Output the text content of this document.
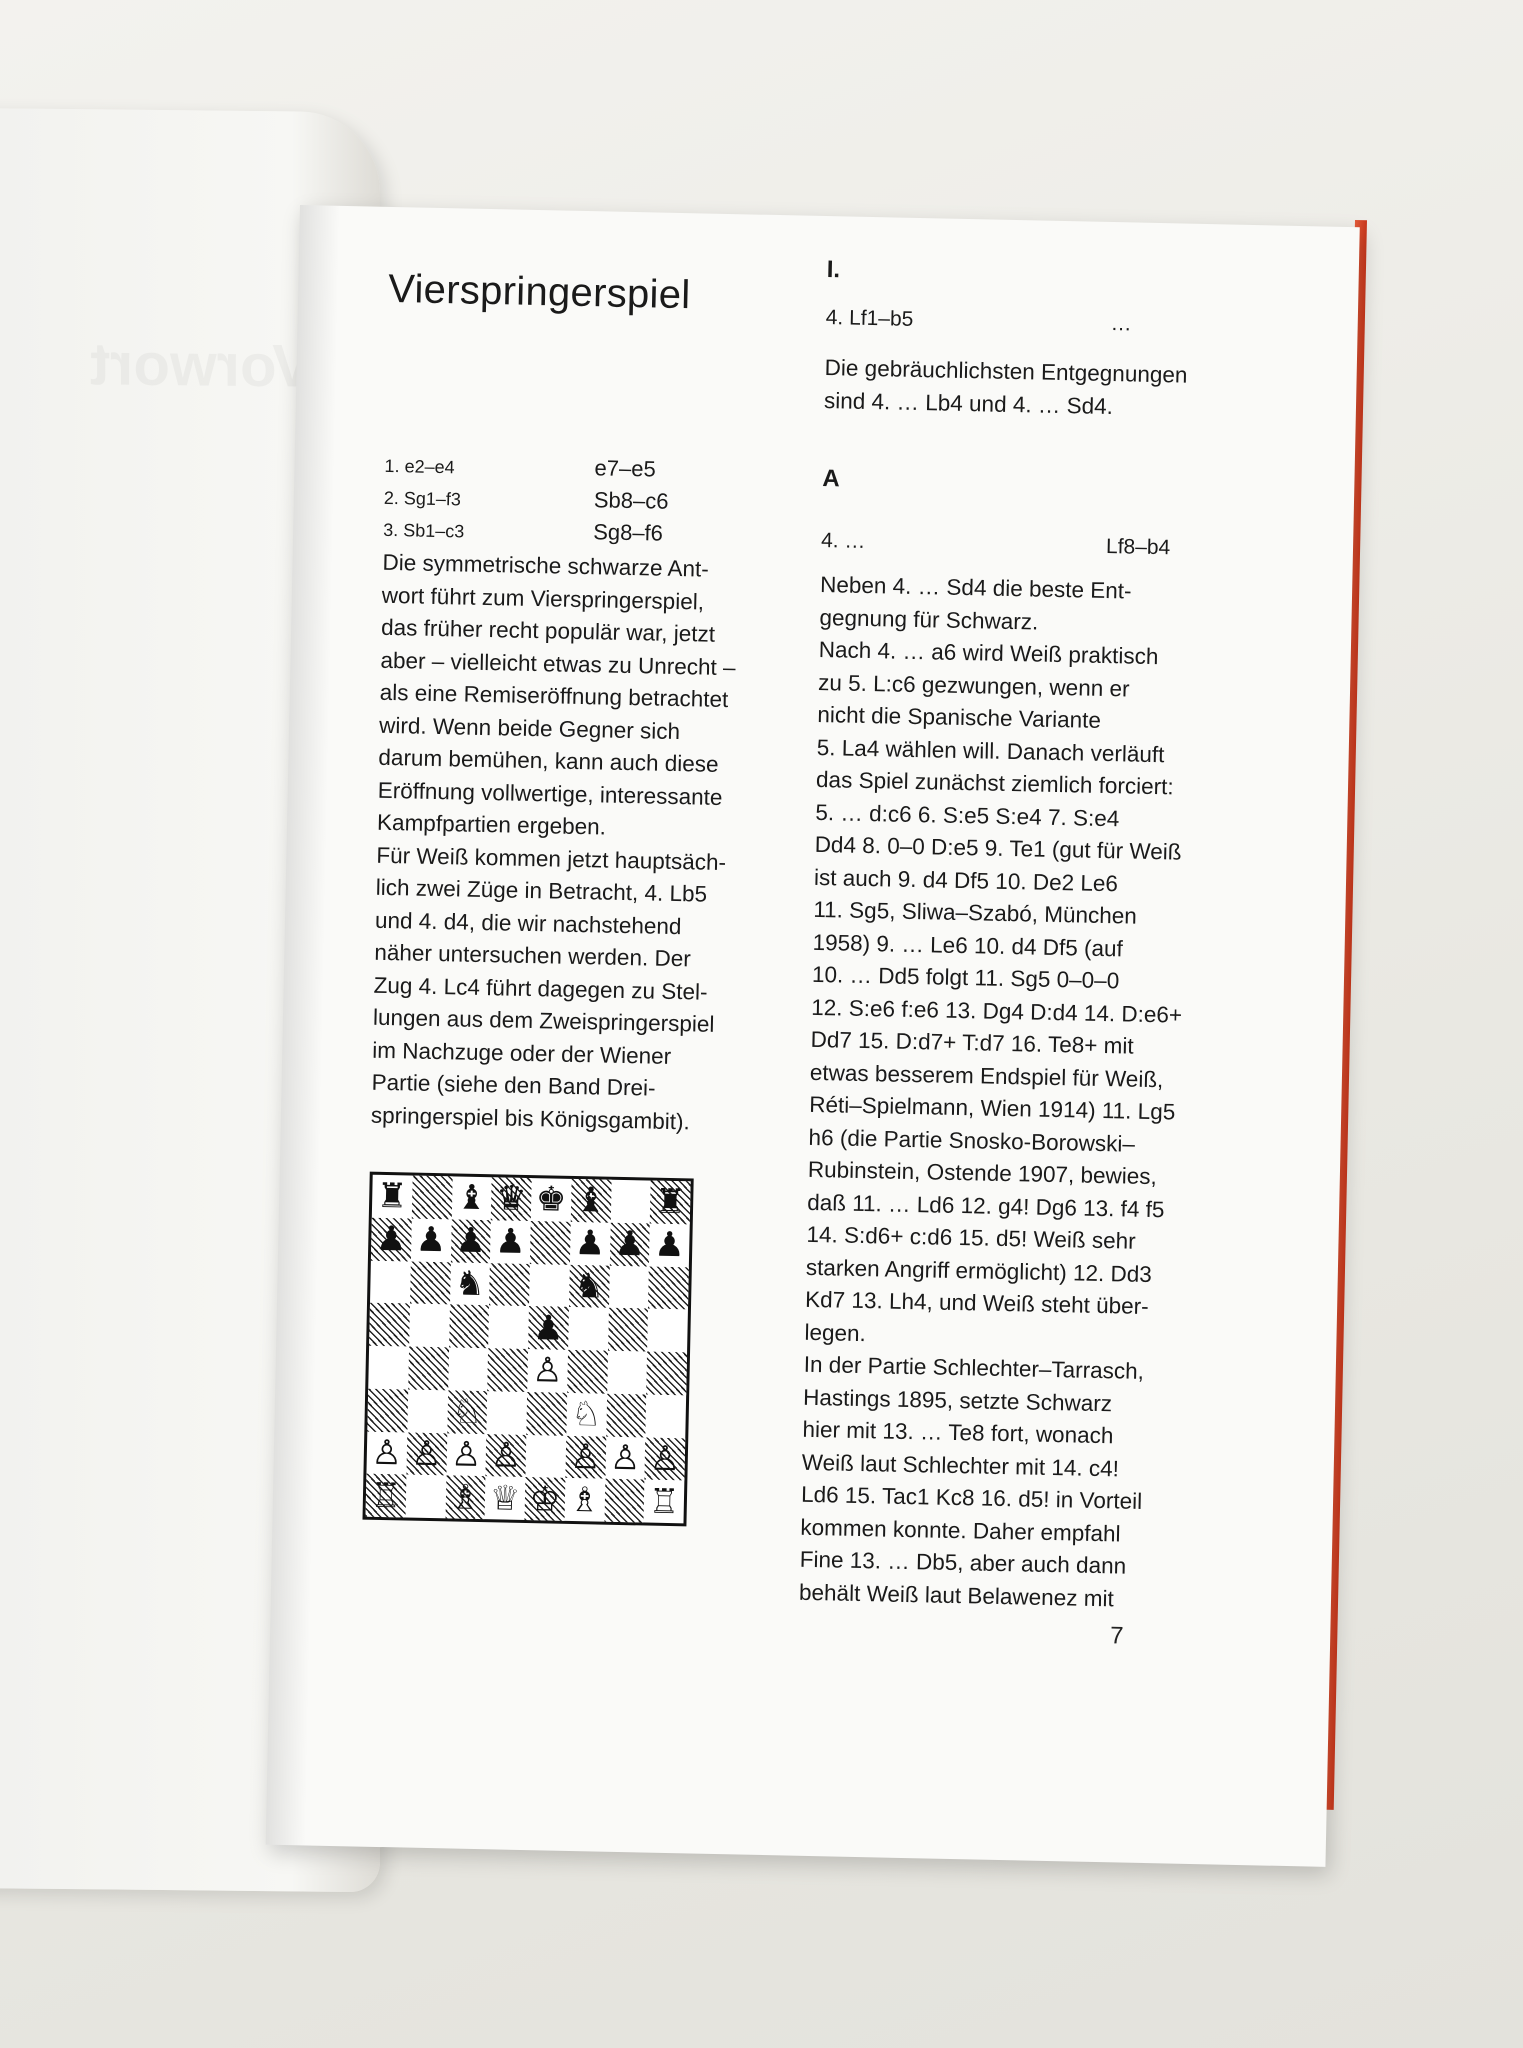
Vierspringerspiel
1. e2–e4	e7–e5
2. Sg1–f3	Sb8–c6
3. Sb1–c3	Sg8–f6
Die symmetrische schwarze Ant-
wort führt zum Vierspringerspiel,
das früher recht populär war, jetzt
aber – vielleicht etwas zu Unrecht –
als eine Remiseröffnung betrachtet
wird. Wenn beide Gegner sich
darum bemühen, kann auch diese
Eröffnung vollwertige, interessante
Kampfpartien ergeben.
Für Weiß kommen jetzt hauptsäch-
lich zwei Züge in Betracht, 4. Lb5
und 4. d4, die wir nachstehend
näher untersuchen werden. Der
Zug 4. Lc4 führt dagegen zu Stel-
lungen aus dem Zweispringerspiel
im Nachzuge oder der Wiener
Partie (siehe den Band Drei-
springerspiel bis Königsgambit).
♜ ♝ ♛ ♚ ♝ ♜
♟ ♟ ♟ ♟ ♟ ♟ ♟
♞	♞
♟
♙
♘	♘
♙ ♙ ♙ ♙ ♙ ♙ ♙
♖ ♗ ♕ ♔ ♗ ♖

I.

4. Lf1–b5	…
Die gebräuchlichsten Entgegnungen
sind 4. … Lb4 und 4. … Sd4.

A

4. …	Lf8–b4
Neben 4. … Sd4 die beste Ent-
gegnung für Schwarz.
Nach 4. … a6 wird Weiß praktisch
zu 5. L:c6 gezwungen, wenn er
nicht die Spanische Variante
5. La4 wählen will. Danach verläuft
das Spiel zunächst ziemlich forciert:
5. … d:c6 6. S:e5 S:e4 7. S:e4
Dd4 8. 0–0 D:e5 9. Te1 (gut für Weiß
ist auch 9. d4 Df5 10. De2 Le6
11. Sg5, Sliwa–Szabó, München
1958) 9. … Le6 10. d4 Df5 (auf
10. … Dd5 folgt 11. Sg5 0–0–0
12. S:e6 f:e6 13. Dg4 D:d4 14. D:e6+
Dd7 15. D:d7+ T:d7 16. Te8+ mit
etwas besserem Endspiel für Weiß,
Réti–Spielmann, Wien 1914) 11. Lg5
h6 (die Partie Snosko-Borowski–
Rubinstein, Ostende 1907, bewies,
daß 11. … Ld6 12. g4! Dg6 13. f4 f5
14. S:d6+ c:d6 15. d5! Weiß sehr
starken Angriff ermöglicht) 12. Dd3
Kd7 13. Lh4, und Weiß steht über-
legen.
In der Partie Schlechter–Tarrasch,
Hastings 1895, setzte Schwarz
hier mit 13. … Te8 fort, wonach
Weiß laut Schlechter mit 14. c4!
Ld6 15. Tac1 Kc8 16. d5! in Vorteil
kommen konnte. Daher empfahl
Fine 13. … Db5, aber auch dann
behält Weiß laut Belawenez mit
7
